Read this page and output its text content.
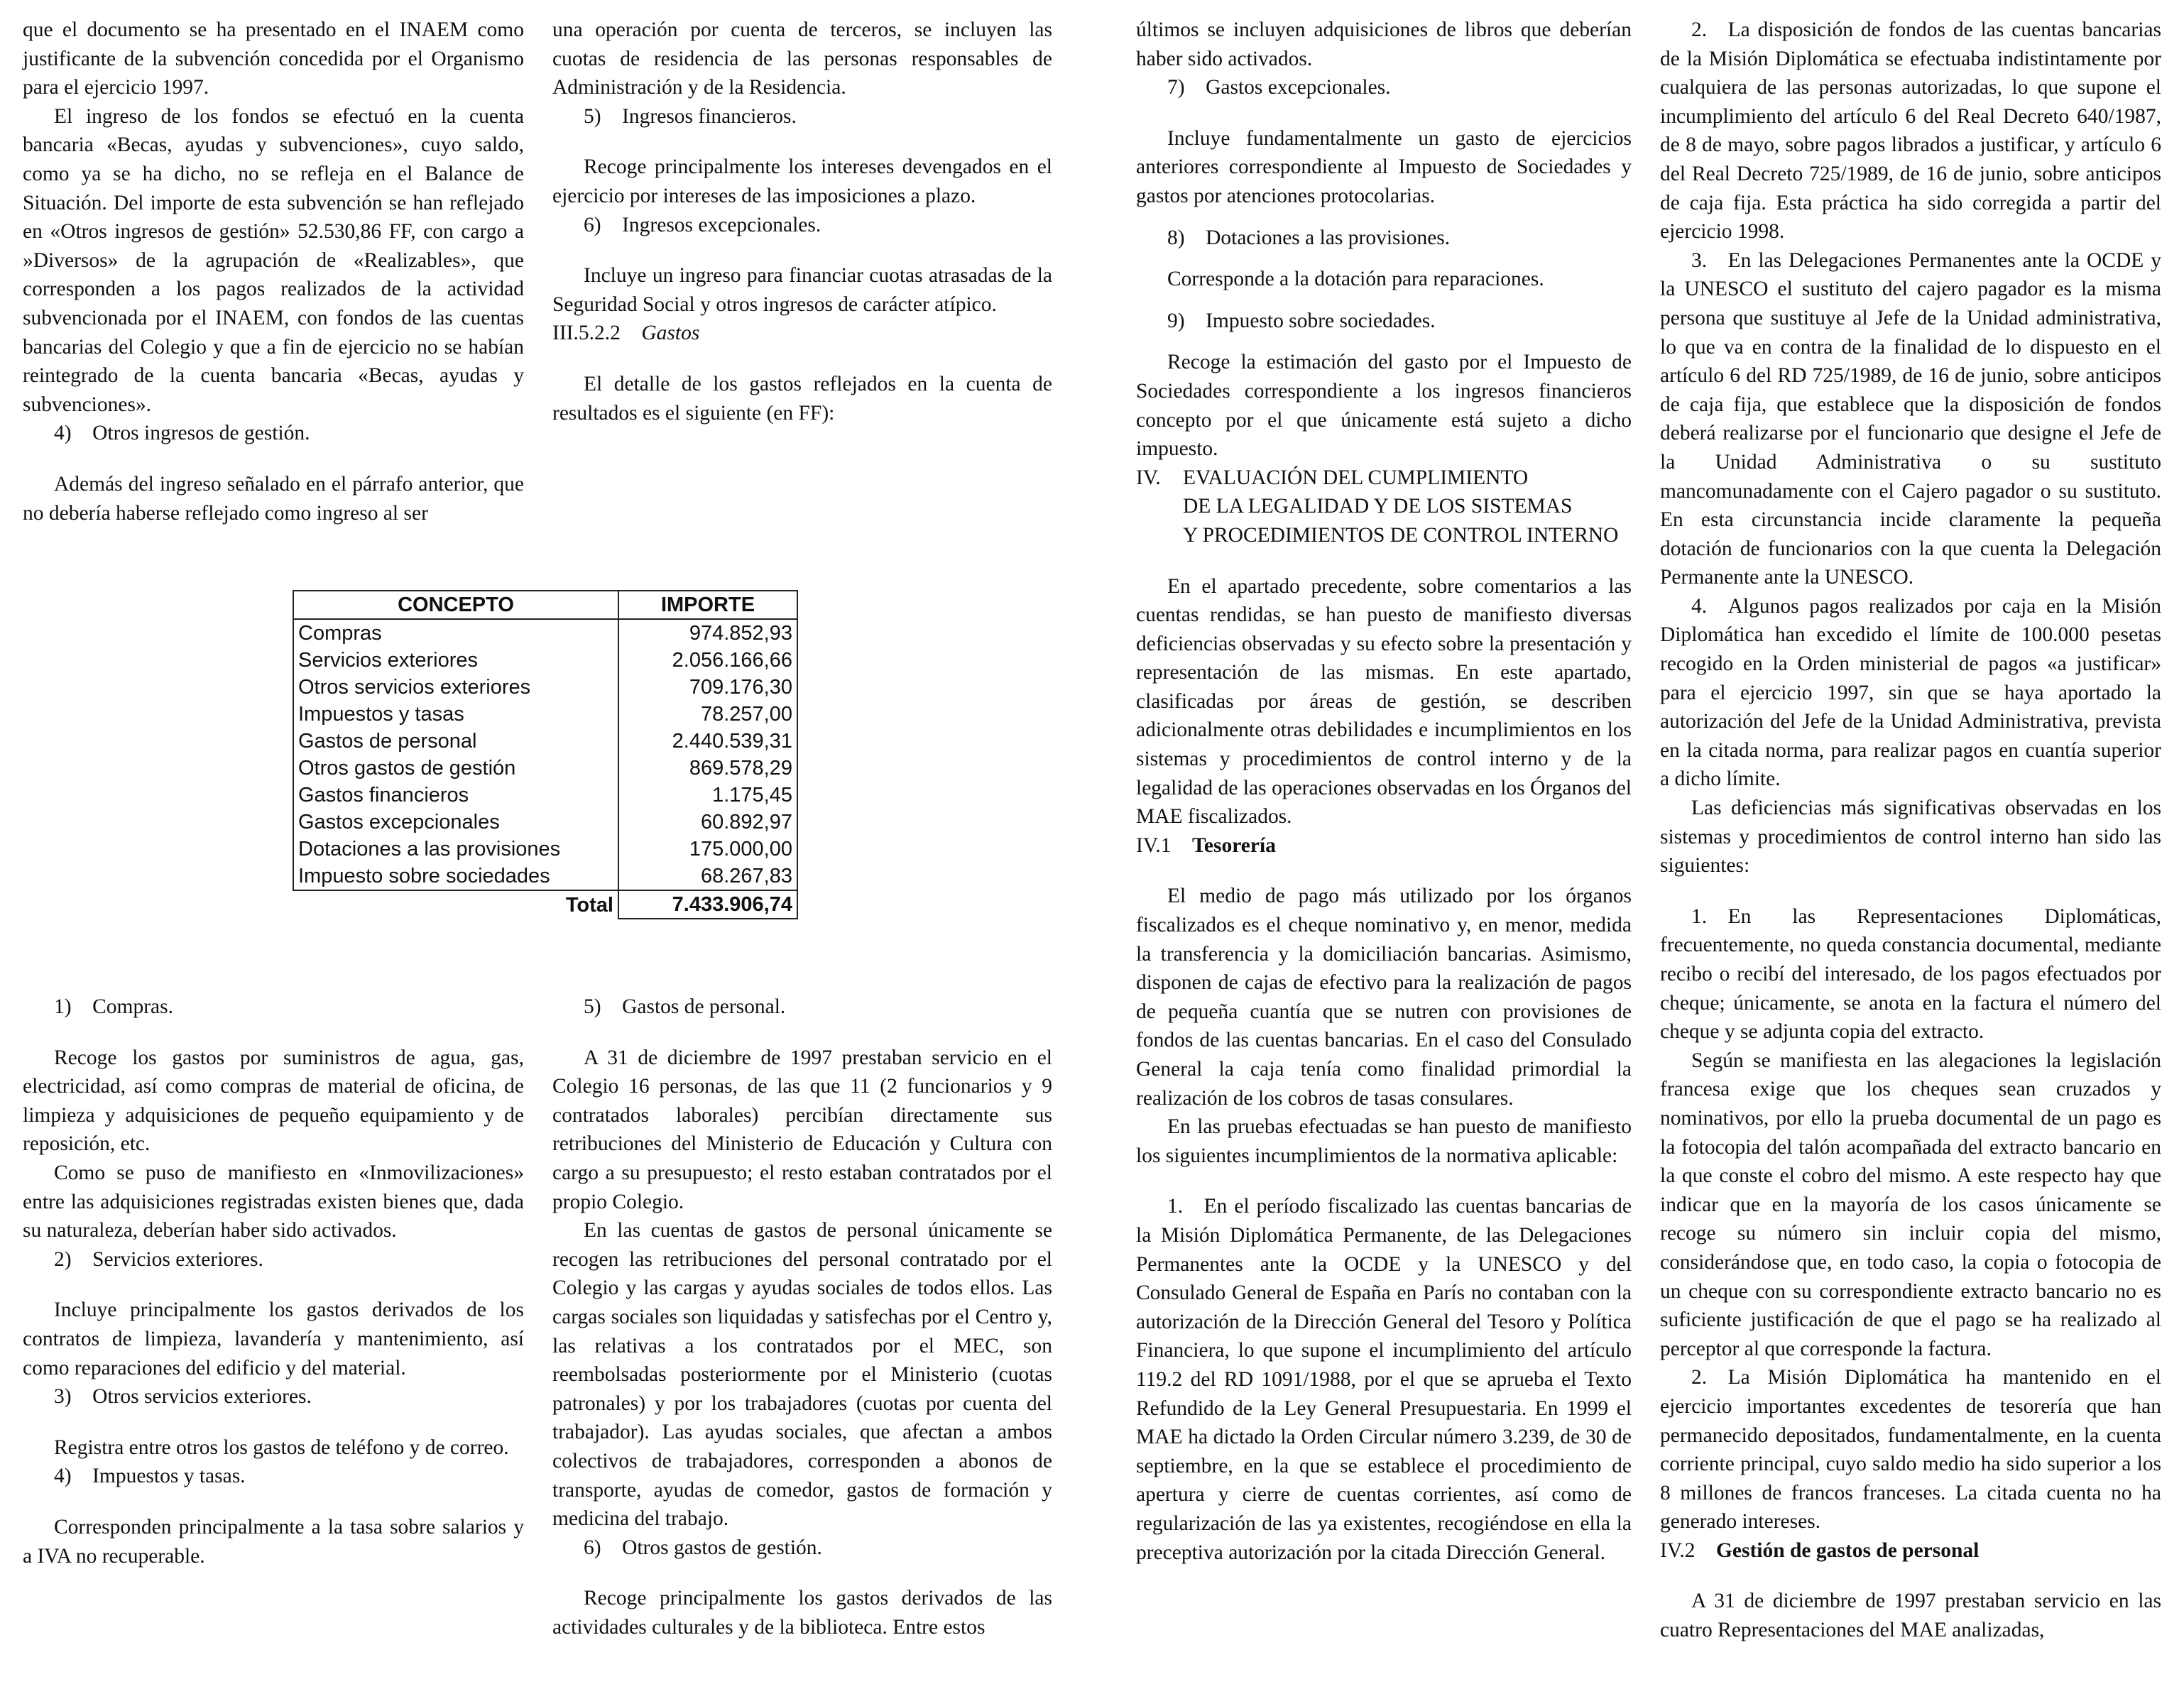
que el documento se ha presentado en el INAEM como justificante de la subvención concedida por el Organismo para el ejercicio 1997.

El ingreso de los fondos se efectuó en la cuenta bancaria «Becas, ayudas y subvenciones», cuyo saldo, como ya se ha dicho, no se refleja en el Balance de Situación. Del importe de esta subvención se han reflejado en «Otros ingresos de gestión» 52.530,86 FF, con cargo a »Diversos» de la agrupación de «Realizables», que corresponden a los pagos realizados de la actividad subvencionada por el INAEM, con fondos de las cuentas bancarias del Colegio y que a fin de ejercicio no se habían reintegrado de la cuenta bancaria «Becas, ayudas y subvenciones».

4) Otros ingresos de gestión.

Además del ingreso señalado en el párrafo anterior, que no debería haberse reflejado como ingreso al ser

una operación por cuenta de terceros, se incluyen las cuotas de residencia de las personas responsables de Administración y de la Residencia.

5) Ingresos financieros.

Recoge principalmente los intereses devengados en el ejercicio por intereses de las imposiciones a plazo.

6) Ingresos excepcionales.

Incluye un ingreso para financiar cuotas atrasadas de la Seguridad Social y otros ingresos de carácter atípico.

III.5.2.2  Gastos

El detalle de los gastos reflejados en la cuenta de resultados es el siguiente (en FF):

CONCEPTO	IMPORTE
Compras	974.852,93
Servicios exteriores	2.056.166,66
Otros servicios exteriores	709.176,30
Impuestos y tasas	78.257,00
Gastos de personal	2.440.539,31
Otros gastos de gestión	869.578,29
Gastos financieros	1.175,45
Gastos excepcionales	60.892,97
Dotaciones a las provisiones	175.000,00
Impuesto sobre sociedades	68.267,83
Total	7.433.906,74

1) Compras.

Recoge los gastos por suministros de agua, gas, electricidad, así como compras de material de oficina, de limpieza y adquisiciones de pequeño equipamiento y de reposición, etc.

Como se puso de manifiesto en «Inmovilizaciones» entre las adquisiciones registradas existen bienes que, dada su naturaleza, deberían haber sido activados.

2) Servicios exteriores.

Incluye principalmente los gastos derivados de los contratos de limpieza, lavandería y mantenimiento, así como reparaciones del edificio y del material.

3) Otros servicios exteriores.

Registra entre otros los gastos de teléfono y de correo.

4) Impuestos y tasas.

Corresponden principalmente a la tasa sobre salarios y a IVA no recuperable.

5) Gastos de personal.

A 31 de diciembre de 1997 prestaban servicio en el Colegio 16 personas, de las que 11 (2 funcionarios y 9 contratados laborales) percibían directamente sus retribuciones del Ministerio de Educación y Cultura con cargo a su presupuesto; el resto estaban contratados por el propio Colegio.

En las cuentas de gastos de personal únicamente se recogen las retribuciones del personal contratado por el Colegio y las cargas y ayudas sociales de todos ellos. Las cargas sociales son liquidadas y satisfechas por el Centro y, las relativas a los contratados por el MEC, son reembolsadas posteriormente por el Ministerio (cuotas patronales) y por los trabajadores (cuotas por cuenta del trabajador). Las ayudas sociales, que afectan a ambos colectivos de trabajadores, corresponden a abonos de transporte, ayudas de comedor, gastos de formación y medicina del trabajo.

6) Otros gastos de gestión.

Recoge principalmente los gastos derivados de las actividades culturales y de la biblioteca. Entre estos

últimos se incluyen adquisiciones de libros que deberían haber sido activados.

7) Gastos excepcionales.

Incluye fundamentalmente un gasto de ejercicios anteriores correspondiente al Impuesto de Sociedades y gastos por atenciones protocolarias.

8) Dotaciones a las provisiones.

Corresponde a la dotación para reparaciones.

9) Impuesto sobre sociedades.

Recoge la estimación del gasto por el Impuesto de Sociedades correspondiente a los ingresos financieros concepto por el que únicamente está sujeto a dicho impuesto.

IV. EVALUACIÓN DEL CUMPLIMIENTO
DE LA LEGALIDAD Y DE LOS SISTEMAS
Y PROCEDIMIENTOS DE CONTROL INTERNO

En el apartado precedente, sobre comentarios a las cuentas rendidas, se han puesto de manifiesto diversas deficiencias observadas y su efecto sobre la presentación y representación de las mismas. En este apartado, clasificadas por áreas de gestión, se describen adicionalmente otras debilidades e incumplimientos en los sistemas y procedimientos de control interno y de la legalidad de las operaciones observadas en los Órganos del MAE fiscalizados.

IV.1  Tesorería

El medio de pago más utilizado por los órganos fiscalizados es el cheque nominativo y, en menor, medida la transferencia y la domiciliación bancarias. Asimismo, disponen de cajas de efectivo para la realización de pagos de pequeña cuantía que se nutren con provisiones de fondos de las cuentas bancarias. En el caso del Consulado General la caja tenía como finalidad primordial la realización de los cobros de tasas consulares.

En las pruebas efectuadas se han puesto de manifiesto los siguientes incumplimientos de la normativa aplicable:

1. En el período fiscalizado las cuentas bancarias de la Misión Diplomática Permanente, de las Delegaciones Permanentes ante la OCDE y la UNESCO y del Consulado General de España en París no contaban con la autorización de la Dirección General del Tesoro y Política Financiera, lo que supone el incumplimiento del artículo 119.2 del RD 1091/1988, por el que se aprueba el Texto Refundido de la Ley General Presupuestaria. En 1999 el MAE ha dictado la Orden Circular número 3.239, de 30 de septiembre, en la que se establece el procedimiento de apertura y cierre de cuentas corrientes, así como de regularización de las ya existentes, recogiéndose en ella la preceptiva autorización por la citada Dirección General.

2. La disposición de fondos de las cuentas bancarias de la Misión Diplomática se efectuaba indistintamente por cualquiera de las personas autorizadas, lo que supone el incumplimiento del artículo 6 del Real Decreto 640/1987, de 8 de mayo, sobre pagos librados a justificar, y artículo 6 del Real Decreto 725/1989, de 16 de junio, sobre anticipos de caja fija. Esta práctica ha sido corregida a partir del ejercicio 1998.

3. En las Delegaciones Permanentes ante la OCDE y la UNESCO el sustituto del cajero pagador es la misma persona que sustituye al Jefe de la Unidad administrativa, lo que va en contra de la finalidad de lo dispuesto en el artículo 6 del RD 725/1989, de 16 de junio, sobre anticipos de caja fija, que establece que la disposición de fondos deberá realizarse por el funcionario que designe el Jefe de la Unidad Administrativa o su sustituto mancomunadamente con el Cajero pagador o su sustituto. En esta circunstancia incide claramente la pequeña dotación de funcionarios con la que cuenta la Delegación Permanente ante la UNESCO.

4. Algunos pagos realizados por caja en la Misión Diplomática han excedido el límite de 100.000 pesetas recogido en la Orden ministerial de pagos «a justificar» para el ejercicio 1997, sin que se haya aportado la autorización del Jefe de la Unidad Administrativa, prevista en la citada norma, para realizar pagos en cuantía superior a dicho límite.

Las deficiencias más significativas observadas en los sistemas y procedimientos de control interno han sido las siguientes:

1. En las Representaciones Diplomáticas, frecuentemente, no queda constancia documental, mediante recibo o recibí del interesado, de los pagos efectuados por cheque; únicamente, se anota en la factura el número del cheque y se adjunta copia del extracto.

Según se manifiesta en las alegaciones la legislación francesa exige que los cheques sean cruzados y nominativos, por ello la prueba documental de un pago es la fotocopia del talón acompañada del extracto bancario en la que conste el cobro del mismo. A este respecto hay que indicar que en la mayoría de los casos únicamente se recoge su número sin incluir copia del mismo, considerándose que, en todo caso, la copia o fotocopia de un cheque con su correspondiente extracto bancario no es suficiente justificación de que el pago se ha realizado al perceptor al que corresponde la factura.

2. La Misión Diplomática ha mantenido en el ejercicio importantes excedentes de tesorería que han permanecido depositados, fundamentalmente, en la cuenta corriente principal, cuyo saldo medio ha sido superior a los 8 millones de francos franceses. La citada cuenta no ha generado intereses.

IV.2  Gestión de gastos de personal

A 31 de diciembre de 1997 prestaban servicio en las cuatro Representaciones del MAE analizadas,
